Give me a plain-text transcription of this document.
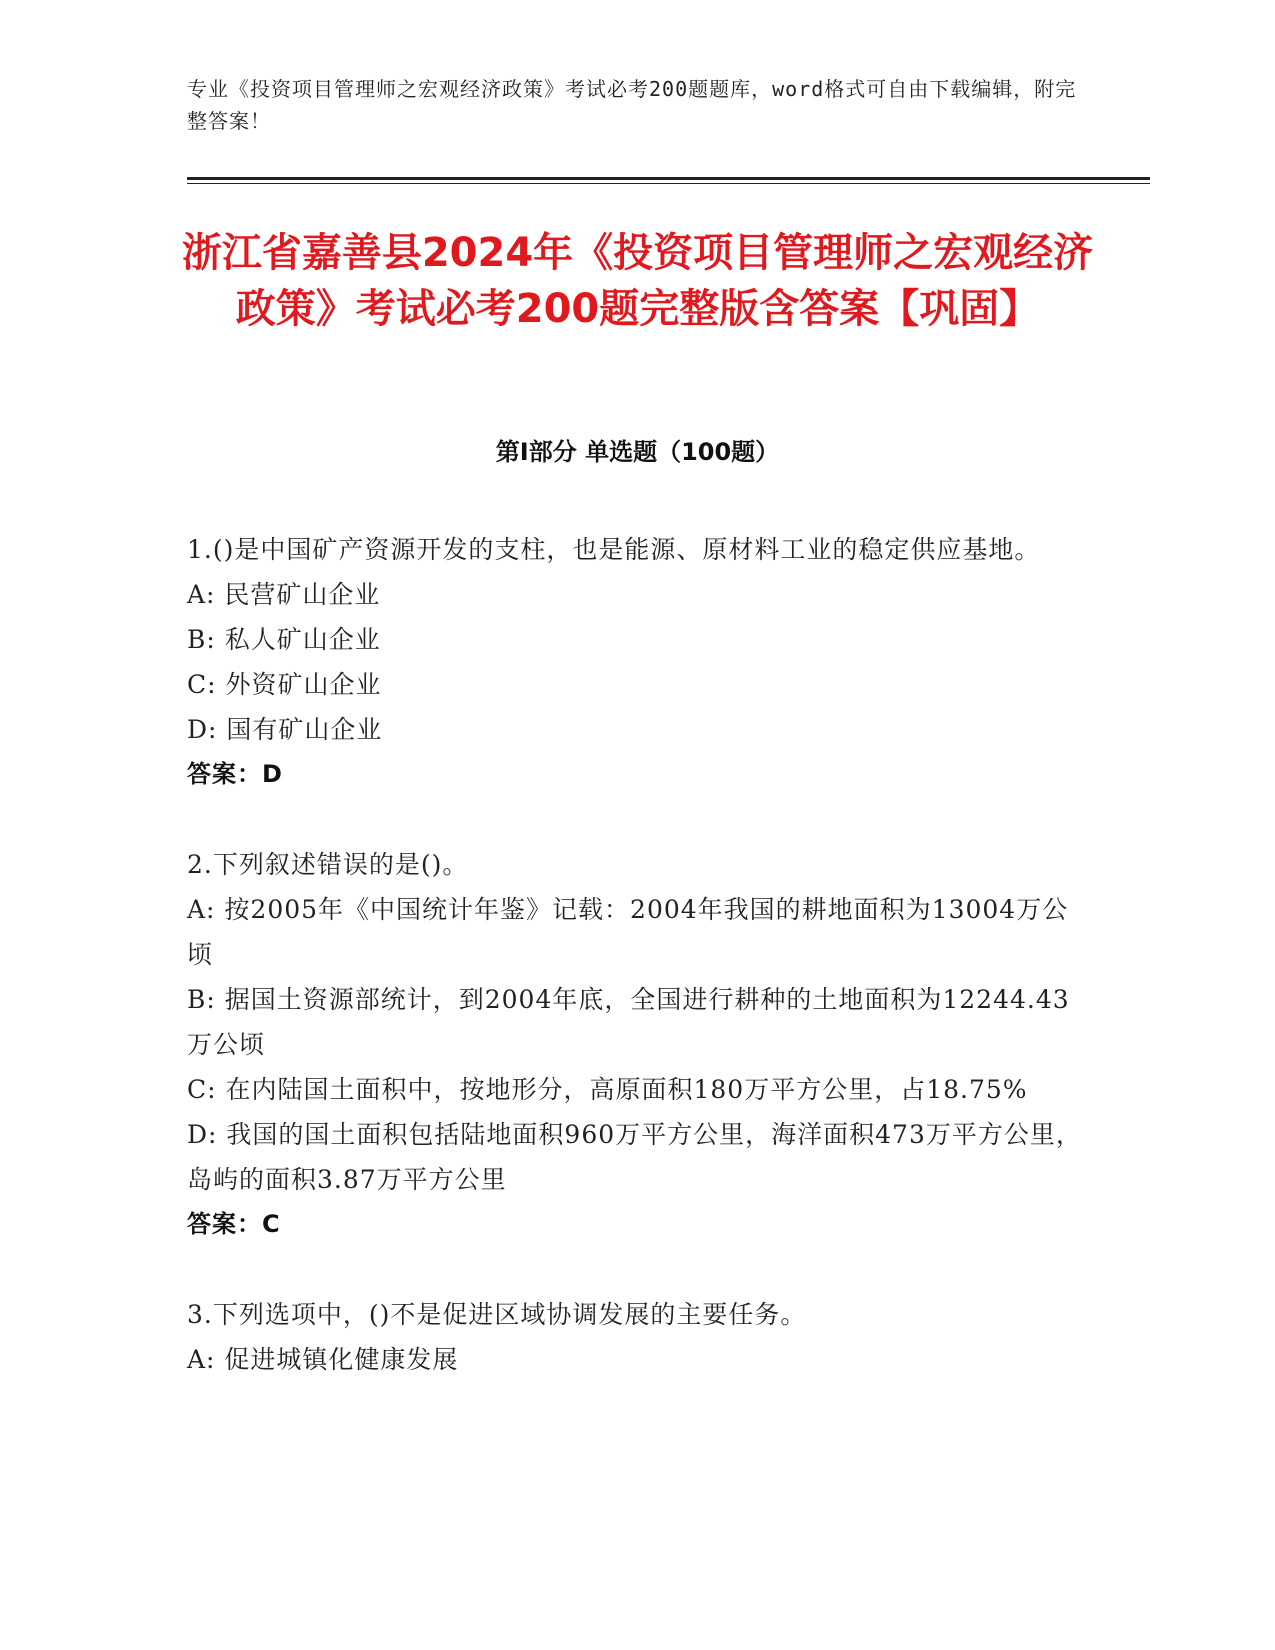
专业《投资项目管理师之宏观经济政策》考试必考200题题库，word格式可自由下载编辑，附完整答案！
浙江省嘉善县2024年《投资项目管理师之宏观经济政策》考试必考200题完整版含答案【巩固】
第I部分 单选题（100题）
1.()是中国矿产资源开发的支柱，也是能源、原材料工业的稳定供应基地。
A: 民营矿山企业
B: 私人矿山企业
C: 外资矿山企业
D: 国有矿山企业
答案：D
2.下列叙述错误的是()。
A: 按2005年《中国统计年鉴》记载：2004年我国的耕地面积为13004万公顷
B: 据国土资源部统计，到2004年底，全国进行耕种的土地面积为12244.43万公顷
C: 在内陆国土面积中，按地形分，高原面积180万平方公里，占18.75%
D: 我国的国土面积包括陆地面积960万平方公里，海洋面积473万平方公里，岛屿的面积3.87万平方公里
答案：C
3.下列选项中，()不是促进区域协调发展的主要任务。
A: 促进城镇化健康发展
